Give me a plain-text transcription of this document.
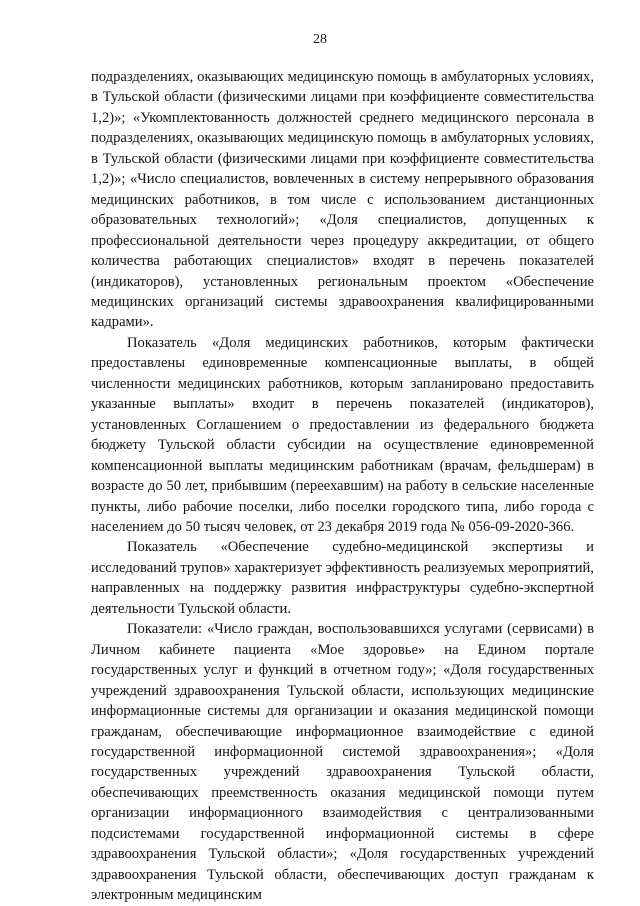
28

подразделениях, оказывающих медицинскую помощь в амбулаторных условиях, в Тульской области (физическими лицами при коэффициенте совместительства 1,2)»; «Укомплектованность должностей среднего медицинского персонала в подразделениях, оказывающих медицинскую помощь в амбулаторных условиях, в Тульской области (физическими лицами при коэффициенте совместительства 1,2)»; «Число специалистов, вовлеченных в систему непрерывного образования медицинских работников, в том числе с использованием дистанционных образовательных технологий»; «Доля специалистов, допущенных к профессиональной деятельности через процедуру аккредитации, от общего количества работающих специалистов» входят в перечень показателей (индикаторов), установленных региональным проектом «Обеспечение медицинских организаций системы здравоохранения квалифицированными кадрами».

Показатель «Доля медицинских работников, которым фактически предоставлены единовременные компенсационные выплаты, в общей численности медицинских работников, которым запланировано предоставить указанные выплаты» входит в перечень показателей (индикаторов), установленных Соглашением о предоставлении из федерального бюджета бюджету Тульской области субсидии на осуществление единовременной компенсационной выплаты медицинским работникам (врачам, фельдшерам) в возрасте до 50 лет, прибывшим (переехавшим) на работу в сельские населенные пункты, либо рабочие поселки, либо поселки городского типа, либо города с населением до 50 тысяч человек, от 23 декабря 2019 года № 056-09-2020-366.

Показатель «Обеспечение судебно-медицинской экспертизы и исследований трупов» характеризует эффективность реализуемых мероприятий, направленных на поддержку развития инфраструктуры судебно-экспертной деятельности Тульской области.

Показатели: «Число граждан, воспользовавшихся услугами (сервисами) в Личном кабинете пациента «Мое здоровье» на Едином портале государственных услуг и функций в отчетном году»; «Доля государственных учреждений здравоохранения Тульской области, использующих медицинские информационные системы для организации и оказания медицинской помощи гражданам, обеспечивающие информационное взаимодействие с единой государственной информационной системой здравоохранения»; «Доля государственных учреждений здравоохранения Тульской области, обеспечивающих преемственность оказания медицинской помощи путем организации информационного взаимодействия с централизованными подсистемами государственной информационной системы в сфере здравоохранения Тульской области»; «Доля государственных учреждений здравоохранения Тульской области, обеспечивающих доступ гражданам к электронным медицинским
